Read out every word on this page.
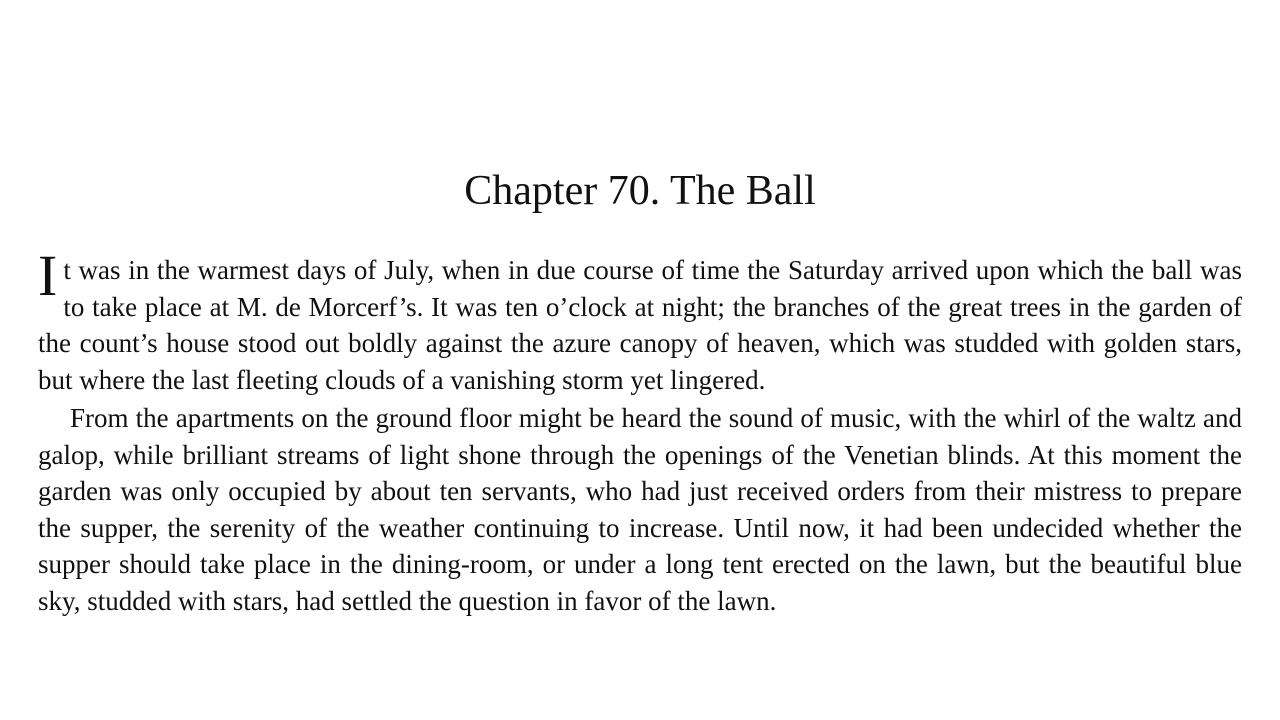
Chapter 70. The Ball

It was in the warmest days of July, when in due course of time the Saturday arrived upon which the ball was to take place at M. de Morcerf’s. It was ten o’clock at night; the branches of the great trees in the garden of the count’s house stood out boldly against the azure canopy of heaven, which was studded with golden stars, but where the last fleeting clouds of a vanishing storm yet lingered.

From the apartments on the ground floor might be heard the sound of music, with the whirl of the waltz and galop, while brilliant streams of light shone through the openings of the Venetian blinds. At this moment the garden was only occupied by about ten servants, who had just received orders from their mistress to prepare the supper, the serenity of the weather continuing to increase. Until now, it had been undecided whether the supper should take place in the dining-room, or under a long tent erected on the lawn, but the beautiful blue sky, studded with stars, had settled the question in favor of the lawn.
